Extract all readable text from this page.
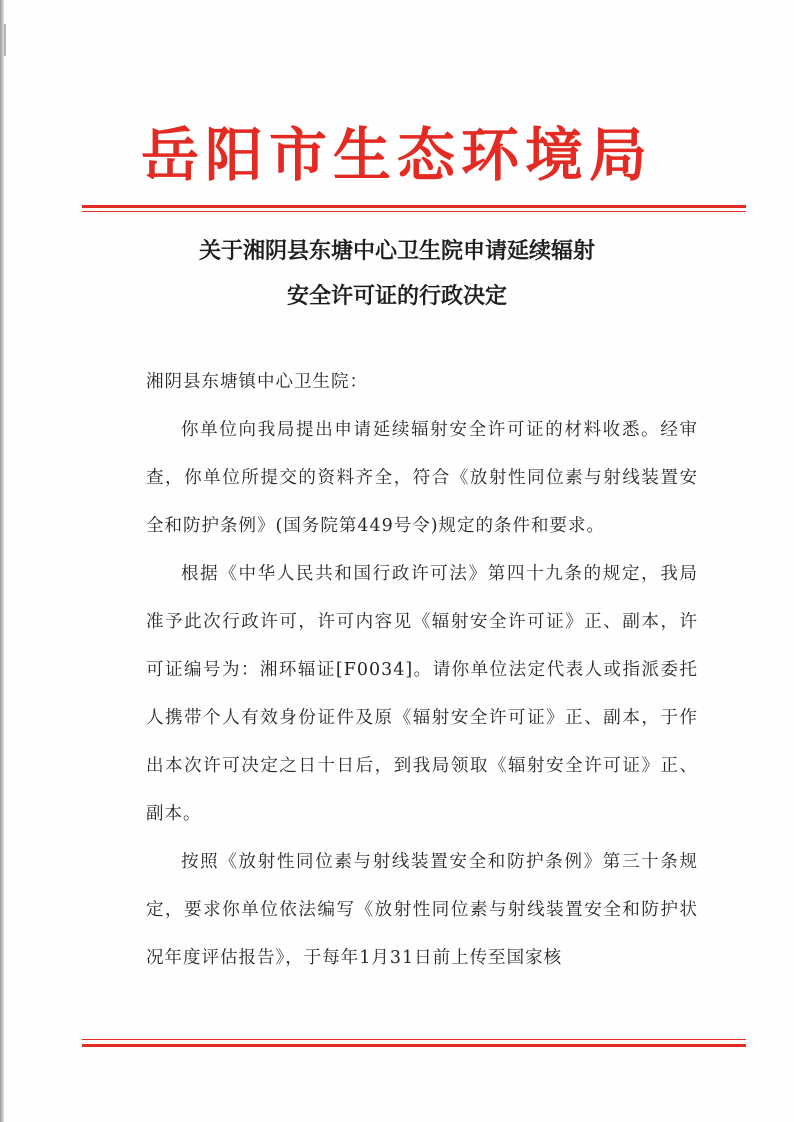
岳阳市生态环境局
关于湘阴县东塘中心卫生院申请延续辐射
安全许可证的行政决定

湘阴县东塘镇中心卫生院：

你单位向我局提出申请延续辐射安全许可证的材料收悉。经审查，你单位所提交的资料齐全，符合《放射性同位素与射线装置安全和防护条例》(国务院第449号令)规定的条件和要求。

根据《中华人民共和国行政许可法》第四十九条的规定，我局准予此次行政许可，许可内容见《辐射安全许可证》正、副本，许可证编号为：湘环辐证[F0034]。请你单位法定代表人或指派委托人携带个人有效身份证件及原《辐射安全许可证》正、副本，于作出本次许可决定之日十日后，到我局领取《辐射安全许可证》正、副本。

按照《放射性同位素与射线装置安全和防护条例》第三十条规定，要求你单位依法编写《放射性同位素与射线装置安全和防护状况年度评估报告》，于每年1月31日前上传至国家核
